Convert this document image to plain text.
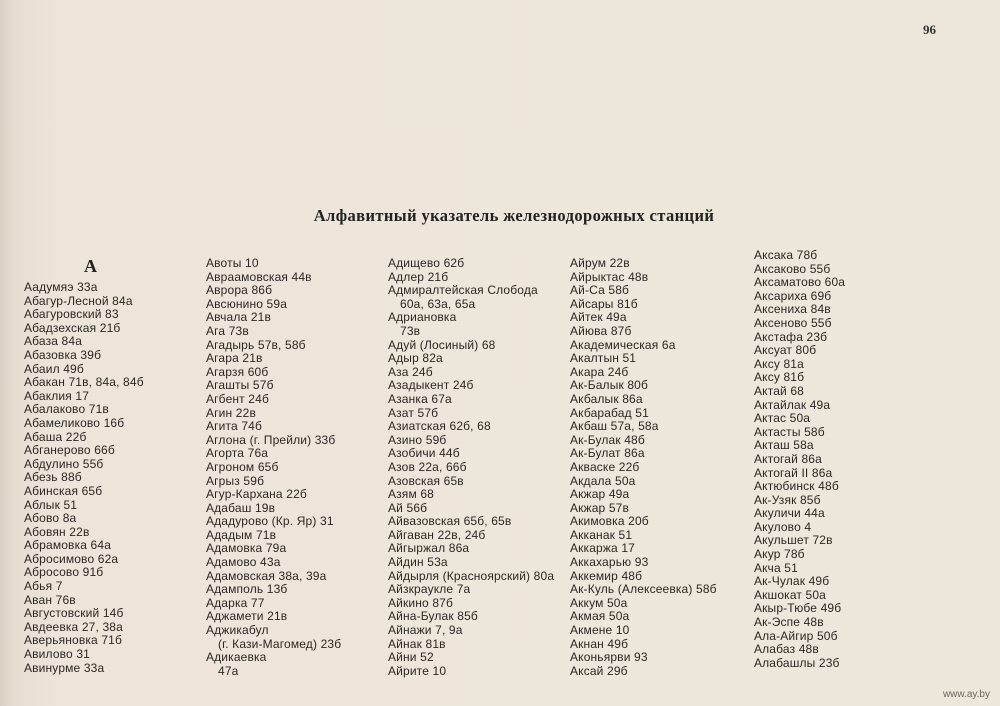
96
Алфавитный указатель железнодорожных станций
А
Аадумяэ 33а
Абагур-Лесной 84а
Абагуровский 83
Абадзехская 21б
Абаза 84а
Абазовка 39б
Абаил 49б
Абакан 71в, 84а, 84б
Абаклия 17
Абалаково 71в
Абамеликово 16б
Абаша 22б
Абганерово 66б
Абдулино 55б
Абезь 88б
Абинская 65б
Аблык 51
Абово 8а
Абовян 22в
Абрамовка 64а
Абросимово 62а
Абросово 91б
Абья 7
Аван 76в
Августовский 14б
Авдеевка 27, 38а
Аверьяновка 71б
Авилово 31
Авинурме 33а
Авоты 10
Авраамовская 44в
Аврора 86б
Авсюнино 59а
Авчала 21в
Ага 73в
Агадырь 57в, 58б
Агара 21в
Агарзя 60б
Агашты 57б
Агбент 24б
Агин 22в
Агита 74б
Аглона (г. Прейли) 33б
Агорта 76а
Агроном 65б
Агрыз 59б
Агур-Кархана 22б
Адабаш 19в
Ададурово (Кр. Яр) 31
Ададым 71в
Адамовка 79а
Адамово 43а
Адамовская 38а, 39а
Адамполь 13б
Адарка 77
Аджамети 21в
Аджикабул
(г. Кази-Магомед) 23б
Адикаевка
47а
Адищево 62б
Адлер 21б
Адмиралтейская Слобода
60а, 63а, 65а
Адриановка
73в
Адуй (Лосиный) 68
Адыр 82а
Аза 24б
Азадыкент 24б
Азанка 67а
Азат 57б
Азиатская 62б, 68
Азино 59б
Азобичи 44б
Азов 22а, 66б
Азовская 65в
Азям 68
Ай 56б
Айвазовская 65б, 65в
Айгаван 22в, 24б
Айгыржал 86а
Айдин 53а
Айдырля (Красноярский) 80а
Айзкраукле 7а
Айкино 87б
Айна-Булак 85б
Айнажи 7, 9а
Айнак 81в
Айни 52
Айрите 10
Айрум 22в
Айрыктас 48в
Ай-Са 58б
Айсары 81б
Айтек 49а
Айюва 87б
Академическая 6а
Акалтын 51
Акара 24б
Ак-Балык 80б
Акбалык 86а
Акбарабад 51
Акбаш 57а, 58а
Ак-Булак 48б
Ак-Булат 86а
Акваске 22б
Акдала 50а
Акжар 49а
Акжар 57в
Акимовка 20б
Акканак 51
Аккаржа 17
Аккахарью 93
Аккемир 48б
Ак-Куль (Алексеевка) 58б
Аккум 50а
Акмая 50а
Акмене 10
Акнан 49б
Аконьярви 93
Аксай 29б
Аксака 78б
Аксаково 55б
Аксаматово 60а
Аксариха 69б
Аксениха 84в
Аксеново 55б
Акстафа 23б
Аксуат 80б
Аксу 81а
Аксу 81б
Актай 68
Актайлак 49а
Актас 50а
Актасты 58б
Акташ 58а
Актогай 86а
Актогай II 86а
Актюбинск 48б
Ак-Узяк 85б
Акуличи 44а
Акулово 4
Акульшет 72в
Акур 78б
Акча 51
Ак-Чулак 49б
Акшокат 50а
Акыр-Тюбе 49б
Ак-Эспе 48в
Ала-Айгир 50б
Алабаз 48в
Алабашлы 23б
www.ay.by
